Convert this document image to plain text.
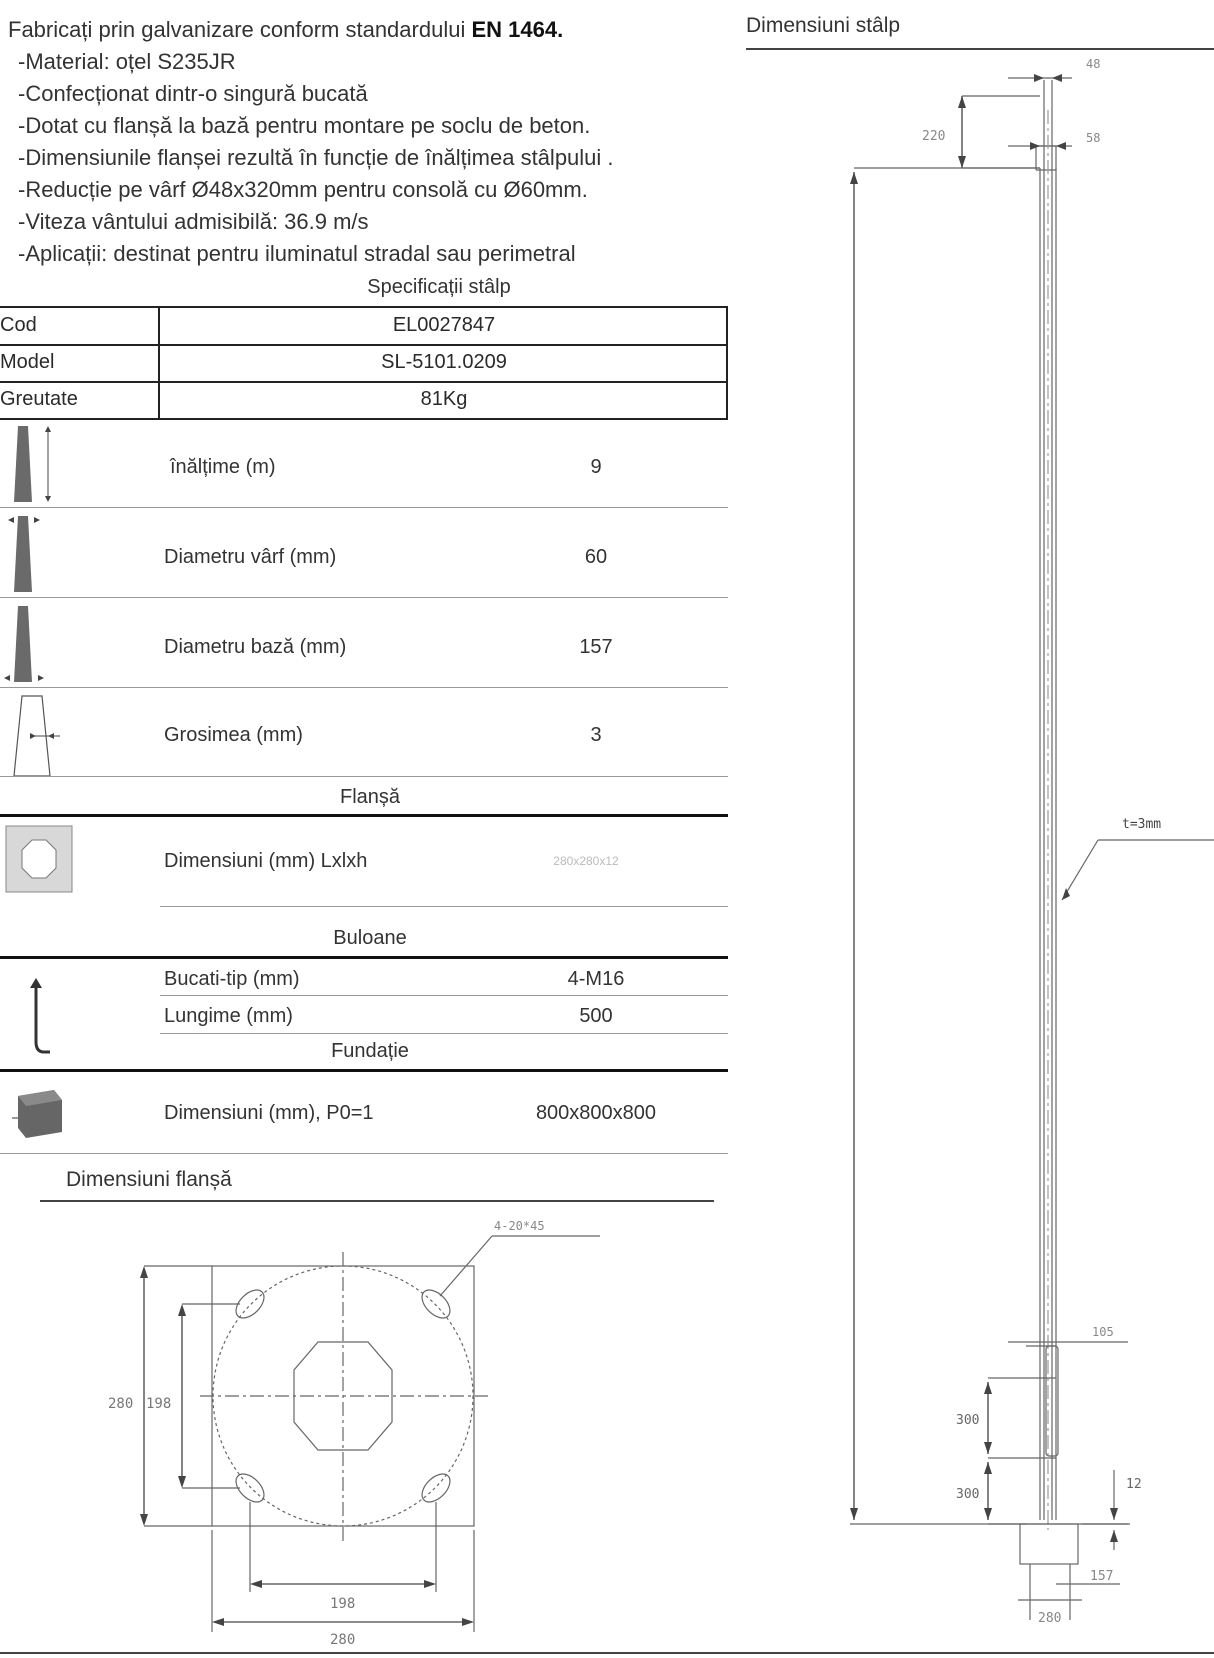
Fabricați prin galvanizare conform standardului EN 1464.
-Material: oțel S235JR
-Confecționat dintr-o singură bucată
-Dotat cu flanșă la bază pentru montare pe soclu de beton.
-Dimensiunile flanșei rezultă în funcție de înălțimea stâlpului .
-Reducție pe vârf Ø48x320mm pentru consolă cu Ø60mm.
-Viteza vântului admisibilă: 36.9 m/s
-Aplicații: destinat pentru iluminatul stradal sau perimetral
Specificații stâlp
Cod	EL0027847
Model	SL-5101.0209
Greutate	81Kg
înălțime (m)	9
Diametru vârf (mm)	60
Diametru bază (mm)	157
Grosimea (mm)	3
Flanșă
Dimensiuni (mm) Lxlxh	280x280x12
Buloane
Bucati-tip (mm)	4-M16
Lungime (mm)	500
Fundație
Dimensiuni (mm), P0=1	800x800x800
Dimensiuni flanșă
4-20*45
280 198
198
280
Dimensiuni stâlp
48
58
220
t=3mm
105
300
300
12
157
280
